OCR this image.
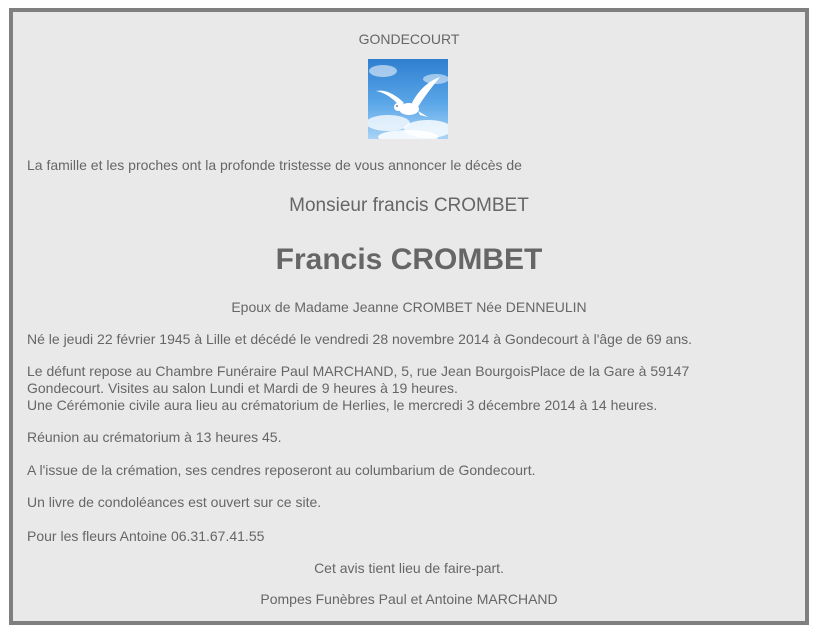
GONDECOURT
La famille et les proches ont la profonde tristesse de vous annoncer le décès de
Monsieur francis CROMBET
Francis CROMBET
Epoux de Madame Jeanne CROMBET Née DENNEULIN
Né le jeudi 22 février 1945 à Lille et décédé le vendredi 28 novembre 2014 à Gondecourt à l'âge de 69 ans.
Le défunt repose au Chambre Funéraire Paul MARCHAND, 5, rue Jean BourgoisPlace de la Gare à 59147
Gondecourt. Visites au salon Lundi et Mardi de 9 heures à 19 heures.
Une Cérémonie civile aura lieu au crématorium de Herlies, le mercredi 3 décembre 2014 à 14 heures.
Réunion au crématorium à 13 heures 45.
A l'issue de la crémation, ses cendres reposeront au columbarium de Gondecourt.
Un livre de condoléances est ouvert sur ce site.
Pour les fleurs Antoine 06.31.67.41.55
Cet avis tient lieu de faire-part.
Pompes Funèbres Paul et Antoine MARCHAND
